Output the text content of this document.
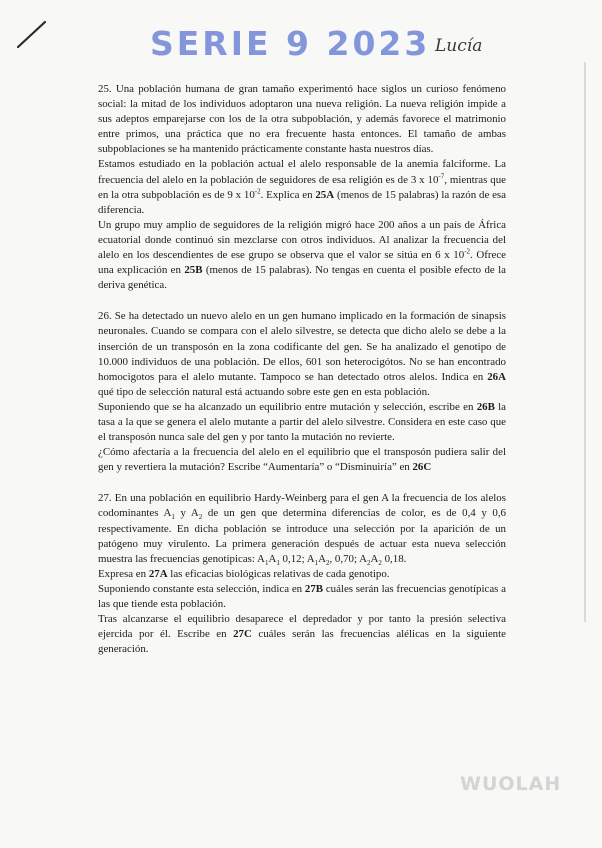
SERIE 9 2023 Lucía

25. Una población humana de gran tamaño experimentó hace siglos un curioso fenómeno social: la mitad de los individuos adoptaron una nueva religión. La nueva religión impide a sus adeptos emparejarse con los de la otra subpoblación, y además favorece el matrimonio entre primos, una práctica que no era frecuente hasta entonces. El tamaño de ambas subpoblaciones se ha mantenido prácticamente constante hasta nuestros días.

Estamos estudiado en la población actual el alelo responsable de la anemia falciforme. La frecuencia del alelo en la población de seguidores de esa religión es de 3 x $10^{-7}$, mientras que en la otra subpoblación es de 9 x $10^{-2}$. Explica en 25A (menos de 15 palabras) la razón de esa diferencia.

Un grupo muy amplio de seguidores de la religión migró hace 200 años a un país de África ecuatorial donde continuó sin mezclarse con otros individuos. Al analizar la frecuencia del alelo en los descendientes de ese grupo se observa que el valor se sitúa en 6 x $10^{-2}$. Ofrece una explicación en 25B (menos de 15 palabras). No tengas en cuenta el posible efecto de la deriva genética.

26. Se ha detectado un nuevo alelo en un gen humano implicado en la formación de sinapsis neuronales. Cuando se compara con el alelo silvestre, se detecta que dicho alelo se debe a la inserción de un transposón en la zona codificante del gen. Se ha analizado el genotipo de 10.000 individuos de una población. De ellos, 601 son heterocigótos. No se han encontrado homocigotos para el alelo mutante. Tampoco se han detectado otros alelos. Indica en 26A qué tipo de selección natural está actuando sobre este gen en esta población.

Suponiendo que se ha alcanzado un equilibrio entre mutación y selección, escribe en 26B la tasa a la que se genera el alelo mutante a partir del alelo silvestre. Considera en este caso que el transposón nunca sale del gen y por tanto la mutación no revierte.

¿Cómo afectaría a la frecuencia del alelo en el equilibrio que el transposón pudiera salir del gen y revertiera la mutación? Escribe “Aumentaría” o “Disminuiría” en 26C

27. En una población en equilibrio Hardy-Weinberg para el gen A la frecuencia de los alelos codominantes $A_1$ y $A_2$ de un gen que determina diferencias de color, es de 0,4 y 0,6 respectivamente. En dicha población se introduce una selección por la aparición de un patógeno muy virulento. La primera generación después de actuar esta nueva selección muestra las frecuencias genotípicas: $A_1A_1$ 0,12; $A_1A_2$, 0,70; $A_2A_2$ 0,18.

Expresa en 27A las eficacias biológicas relativas de cada genotipo.

Suponiendo constante esta selección, indica en 27B cuáles serán las frecuencias genotípicas a las que tiende esta población.

Tras alcanzarse el equilibrio desaparece el depredador y por tanto la presión selectiva ejercida por él. Escribe en 27C cuáles serán las frecuencias alélicas en la siguiente generación.

WUOLAH
